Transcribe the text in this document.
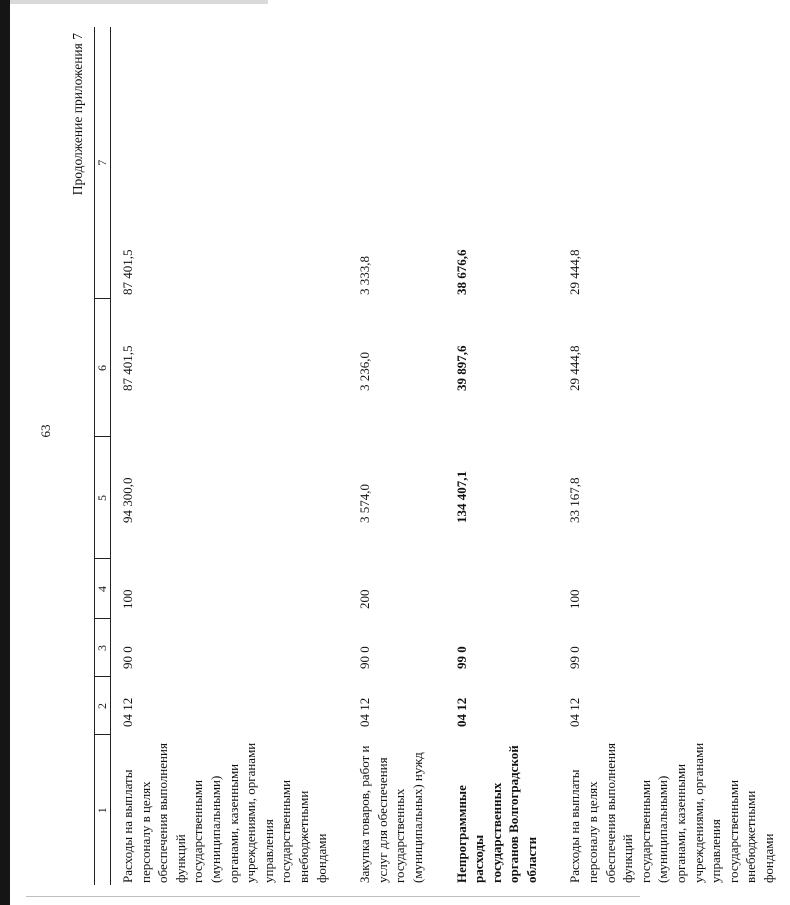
63
Продолжение приложения 7
1	2	3	4	5	6	7
Расходы на выплаты персоналу в целях обеспечения выполнения функций государственными (муниципальными) органами, казенными учреждениями, органами управления государственными внебюджетными фондами	04 12	90 0	100	94 300,0	87 401,5	87 401,5
Закупка товаров, работ и услуг для обеспечения государственных (муниципальных) нужд	04 12	90 0	200	3 574,0	3 236,0	3 333,8
Непрограммные расходы государственных органов Волгоградской области	04 12	99 0		134 407,1	39 897,6	38 676,6
Расходы на выплаты персоналу в целях обеспечения выполнения функций государственными (муниципальными) органами, казенными учреждениями, органами управления государственными внебюджетными фондами	04 12	99 0	100	33 167,8	29 444,8	29 444,8
